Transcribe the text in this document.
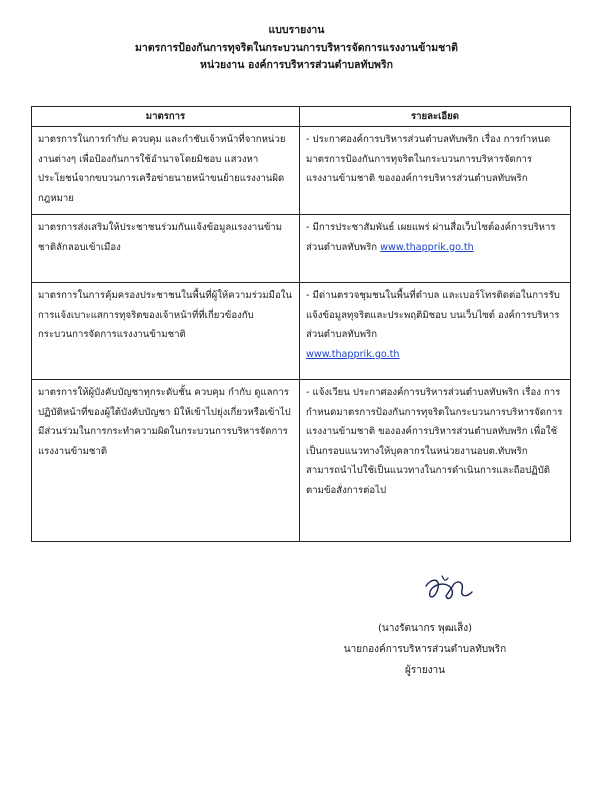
แบบรายงาน
มาตรการป้องกันการทุจริตในกระบวนการบริหารจัดการแรงงานข้ามชาติ
หน่วยงาน องค์การบริหารส่วนตำบลทับพริก
มาตรการ	รายละเอียด
มาตรการในการกำกับ ควบคุม และกำชับเจ้าหน้าที่จากหน่วยงานต่างๆ เพื่อป้องกันการใช้อำนาจโดยมิชอบ แสวงหาประโยชน์จากขบวนการเครือข่ายนายหน้าขนย้ายแรงงานผิดกฎหมาย	- ประกาศองค์การบริหารส่วนตำบลทับพริก เรื่อง การกำหนดมาตรการป้องกันการทุจริตในกระบวนการบริหารจัดการแรงงานข้ามชาติ ขององค์การบริหารส่วนตำบลทับพริก
มาตรการส่งเสริมให้ประชาชนร่วมกันแจ้งข้อมูลแรงงานข้ามชาติลักลอบเข้าเมือง	- มีการประชาสัมพันธ์ เผยแพร่ ผ่านสื่อเว็บไซต์องค์การบริหารส่วนตำบลทับพริก www.thapprik.go.th
มาตรการในการคุ้มครองประชาชนในพื้นที่ผู้ให้ความร่วมมือในการแจ้งเบาะแสการทุจริตของเจ้าหน้าที่ที่เกี่ยวข้องกับกระบวนการจัดการแรงงานข้ามชาติ	- มีด่านตรวจชุมชนในพื้นที่ตำบล และเบอร์โทรติดต่อในการรับแจ้งข้อมูลทุจริตและประพฤติมิชอบ บนเว็บไซต์ องค์การบริหารส่วนตำบลทับพริก
www.thapprik.go.th
มาตรการให้ผู้บังคับบัญชาทุกระดับชั้น ควบคุม กำกับ ดูแลการปฏิบัติหน้าที่ของผู้ใต้บังคับบัญชา มิให้เข้าไปยุ่งเกี่ยวหรือเข้าไปมีส่วนร่วมในการกระทำความผิดในกระบวนการบริหารจัดการแรงงานข้ามชาติ	- แจ้งเวียน ประกาศองค์การบริหารส่วนตำบลทับพริก เรื่อง การกำหนดมาตรการป้องกันการทุจริตในกระบวนการบริหารจัดการแรงงานข้ามชาติ ขององค์การบริหารส่วนตำบลทับพริก เพื่อใช้เป็นกรอบแนวทางให้บุคลากรในหน่วยงานอบต.ทับพริก สามารถนำไปใช้เป็นแนวทางในการดำเนินการและถือปฏิบัติตามข้อสั่งการต่อไป
(นางรัตนากร พุฒเส็ง)
นายกองค์การบริหารส่วนตำบลทับพริก
ผู้รายงาน
